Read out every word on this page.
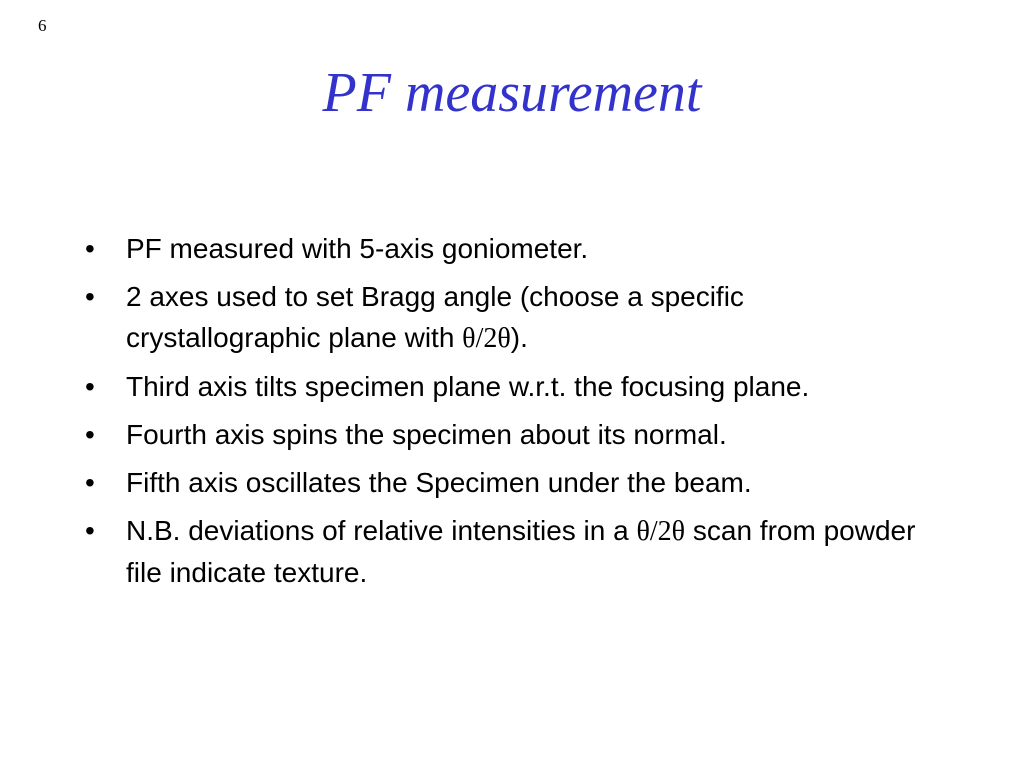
6
PF measurement
•	PF measured with 5-axis goniometer.
•	2 axes used to set Bragg angle (choose a specific crystallographic plane with θ/2θ).
•	Third axis tilts specimen plane w.r.t. the focusing plane.
•	Fourth axis spins the specimen about its normal.
•	Fifth axis oscillates the Specimen under the beam.
•	N.B. deviations of relative intensities in a θ/2θ scan from powder file indicate texture.
